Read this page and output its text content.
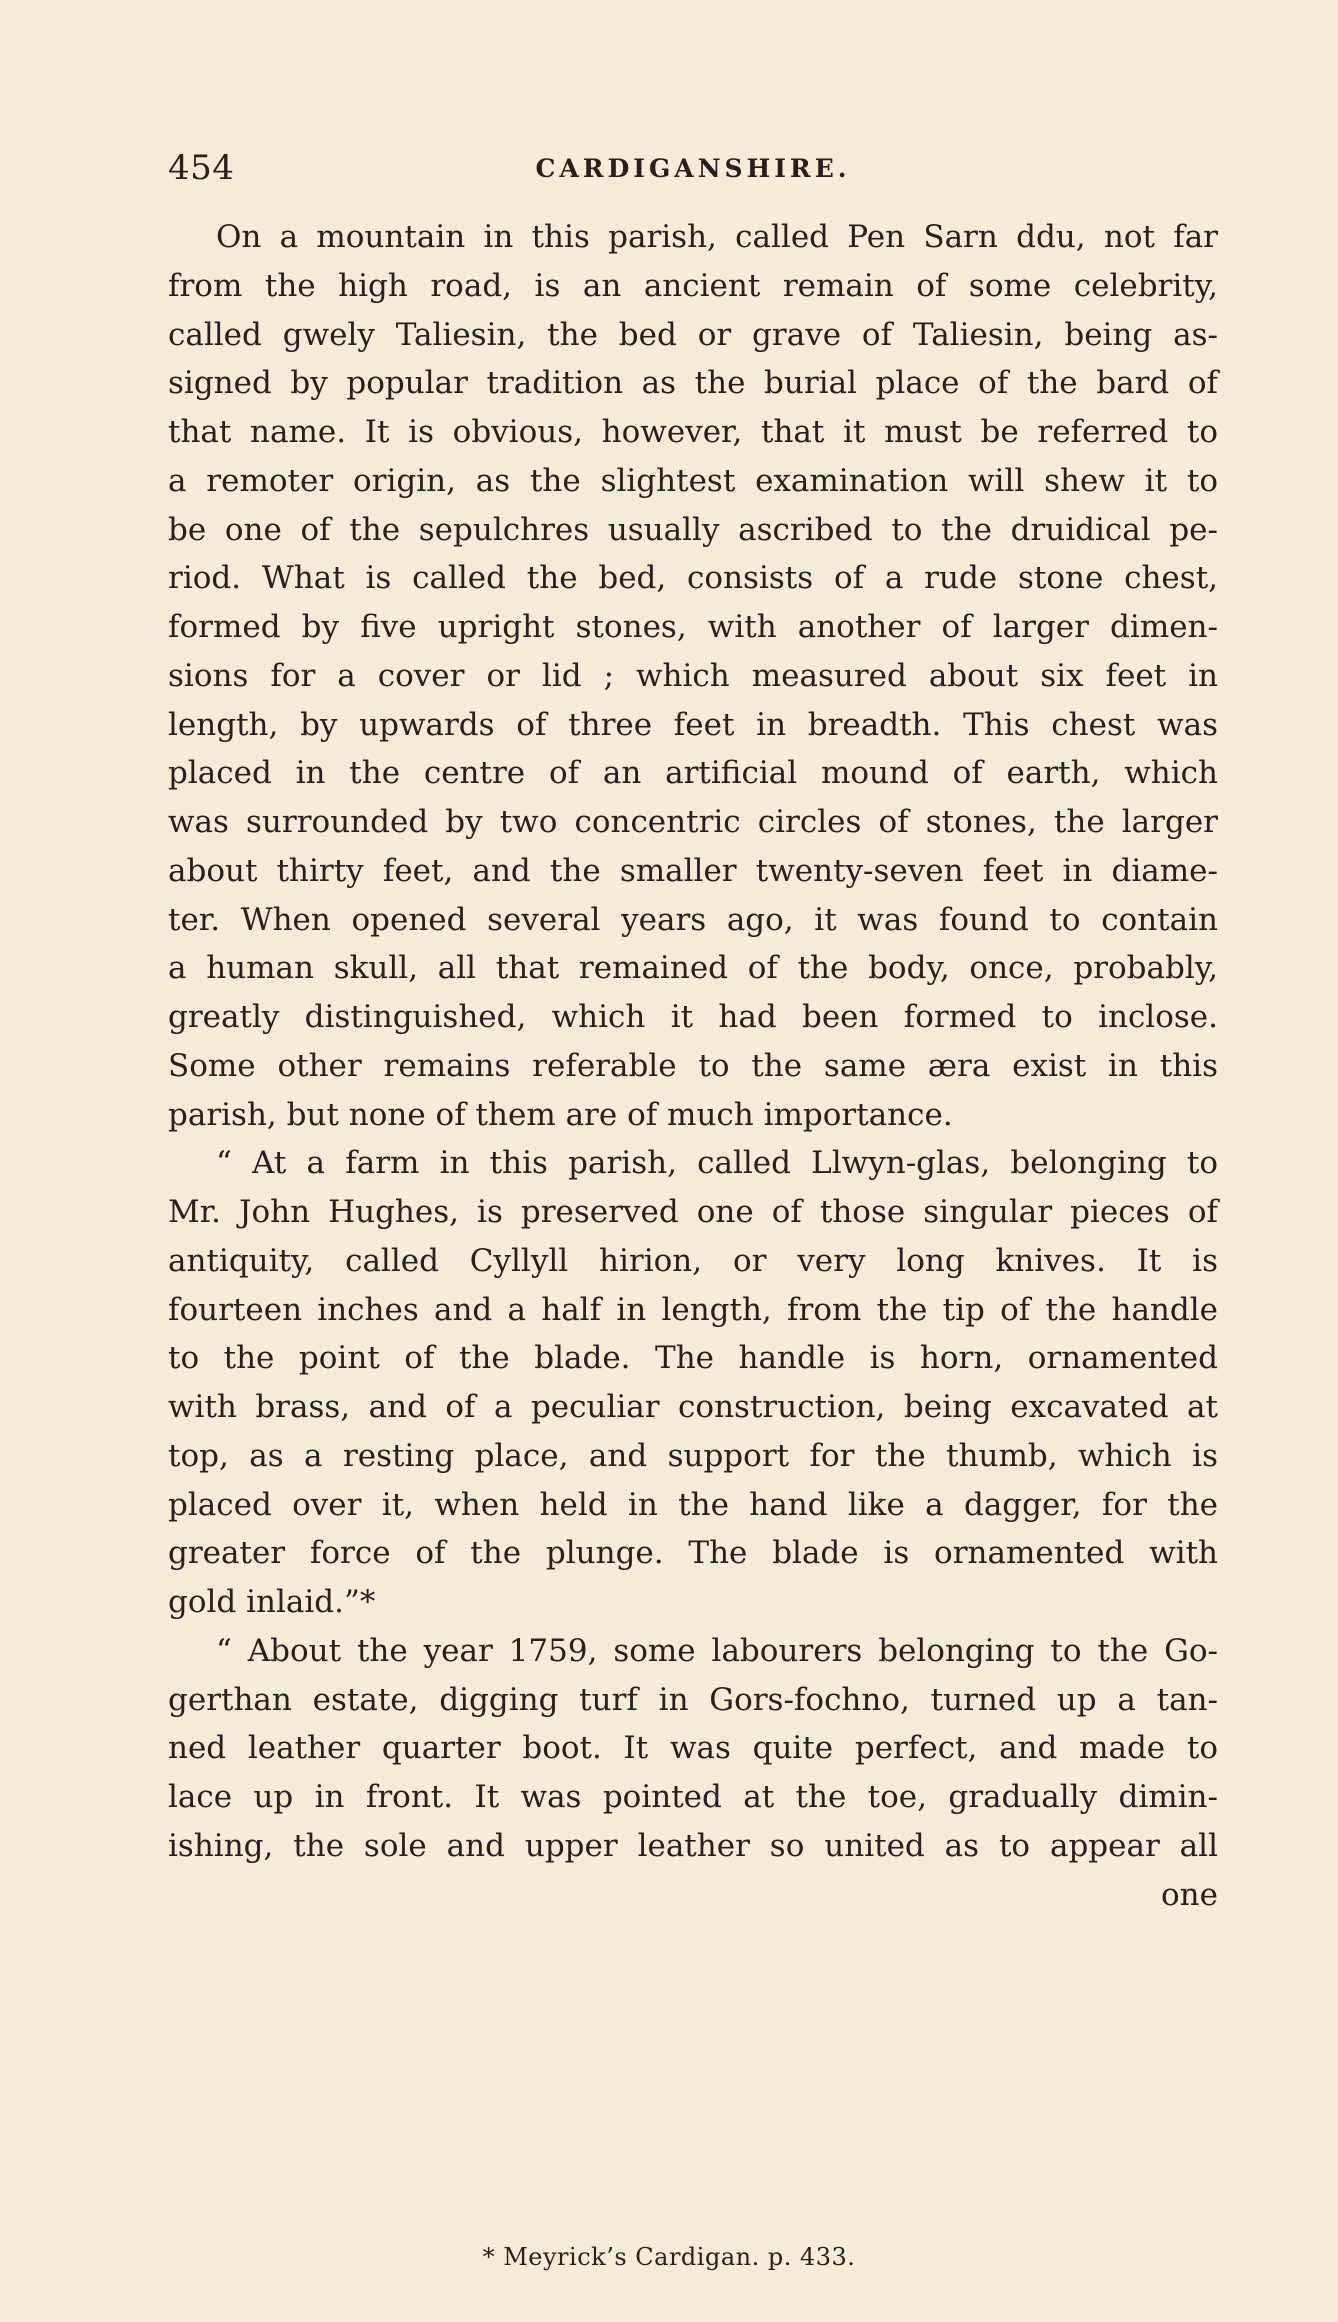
454	CARDIGANSHIRE.
On a mountain in this parish, called Pen Sarn ddu, not far
from the high road, is an ancient remain of some celebrity,
called gwely Taliesin, the bed or grave of Taliesin, being as-
signed by popular tradition as the burial place of the bard of
that name. It is obvious, however, that it must be referred to
a remoter origin, as the slightest examination will shew it to
be one of the sepulchres usually ascribed to the druidical pe-
riod. What is called the bed, consists of a rude stone chest,
formed by five upright stones, with another of larger dimen-
sions for a cover or lid ; which measured about six feet in
length, by upwards of three feet in breadth. This chest was
placed in the centre of an artificial mound of earth, which
was surrounded by two concentric circles of stones, the larger
about thirty feet, and the smaller twenty-seven feet in diame-
ter. When opened several years ago, it was found to contain
a human skull, all that remained of the body, once, probably,
greatly distinguished, which it had been formed to inclose.
Some other remains referable to the same æra exist in this
parish, but none of them are of much importance.
“ At a farm in this parish, called Llwyn-glas, belonging to
Mr. John Hughes, is preserved one of those singular pieces of
antiquity, called Cyllyll hirion, or very long knives. It is
fourteen inches and a half in length, from the tip of the handle
to the point of the blade. The handle is horn, ornamented
with brass, and of a peculiar construction, being excavated at
top, as a resting place, and support for the thumb, which is
placed over it, when held in the hand like a dagger, for the
greater force of the plunge. The blade is ornamented with
gold inlaid.”*
“ About the year 1759, some labourers belonging to the Go-
gerthan estate, digging turf in Gors-fochno, turned up a tan-
ned leather quarter boot. It was quite perfect, and made to
lace up in front. It was pointed at the toe, gradually dimin-
ishing, the sole and upper leather so united as to appear all
one
* Meyrick’s Cardigan. p. 433.
